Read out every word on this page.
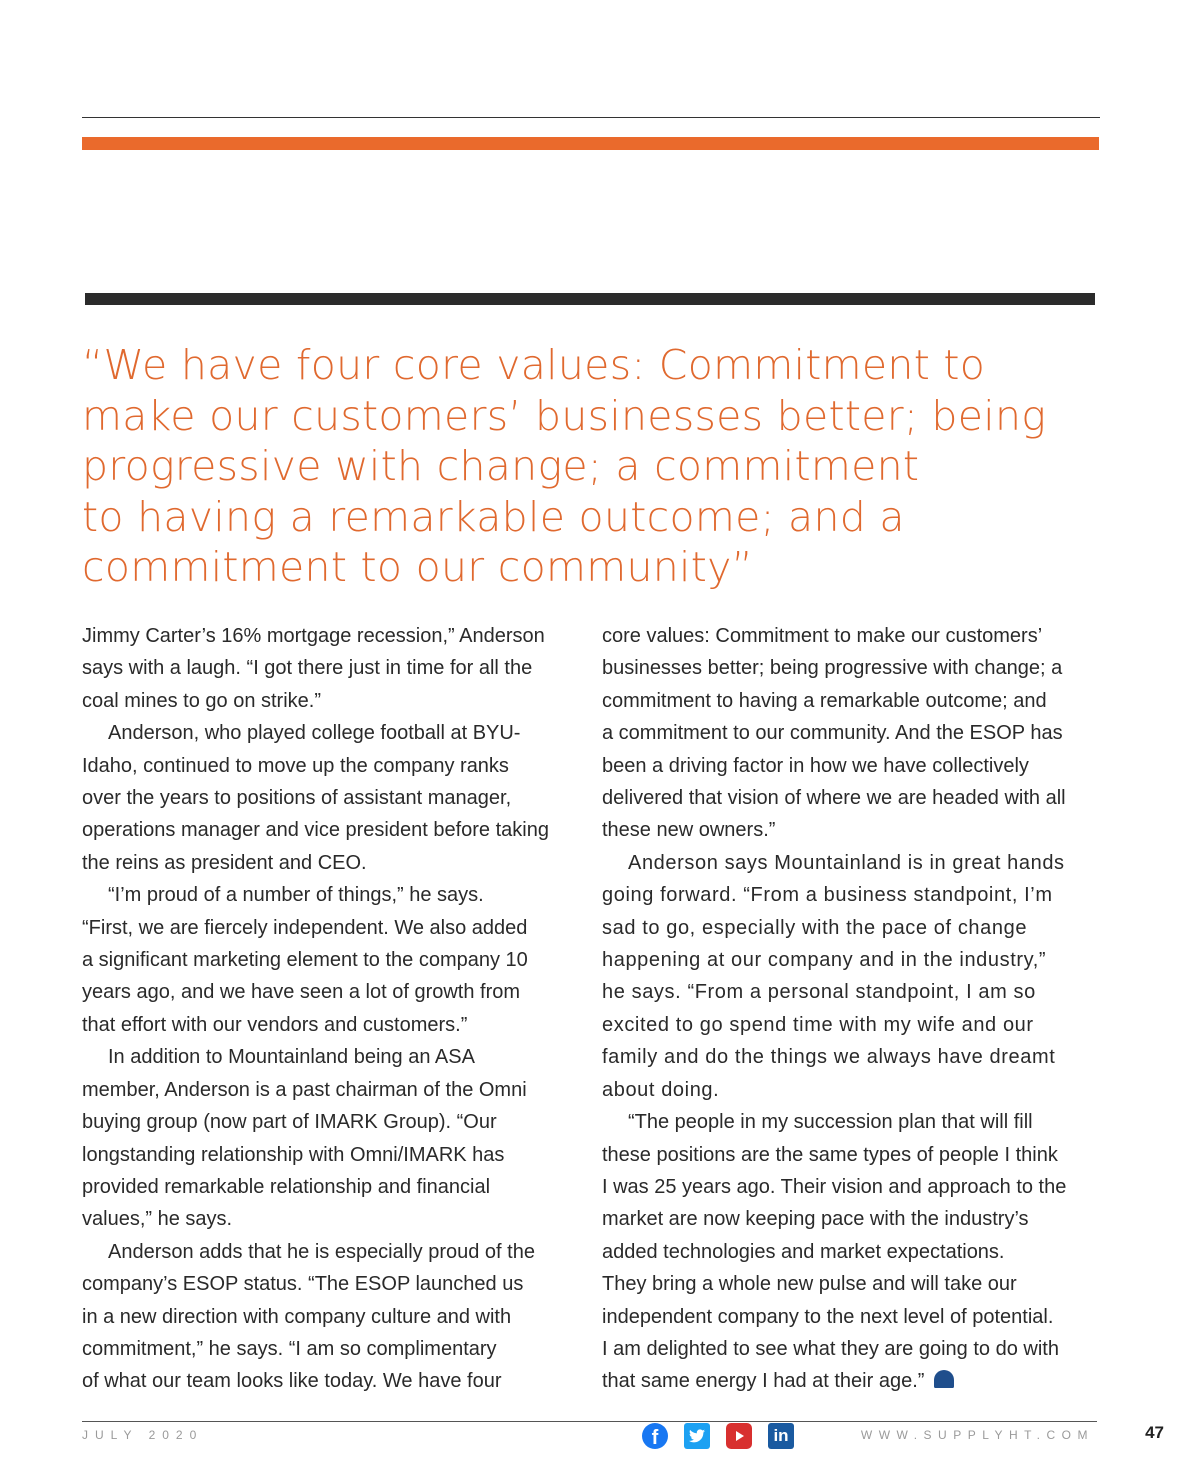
“We have four core values: Commitment to
make our customers’ businesses better; being
progressive with change; a commitment
to having a remarkable outcome; and a
commitment to our community”
Jimmy Carter’s 16% mortgage recession,” Anderson
says with a laugh. “I got there just in time for all the
coal mines to go on strike.”
Anderson, who played college football at BYU-
Idaho, continued to move up the company ranks
over the years to positions of assistant manager,
operations manager and vice president before taking
the reins as president and CEO.
“I’m proud of a number of things,” he says.
“First, we are fiercely independent. We also added
a significant marketing element to the company 10
years ago, and we have seen a lot of growth from
that effort with our vendors and customers.”
In addition to Mountainland being an ASA
member, Anderson is a past chairman of the Omni
buying group (now part of IMARK Group). “Our
longstanding relationship with Omni/IMARK has
provided remarkable relationship and financial
values,” he says.
Anderson adds that he is especially proud of the
company’s ESOP status. “The ESOP launched us
in a new direction with company culture and with
commitment,” he says. “I am so complimentary
of what our team looks like today. We have four
core values: Commitment to make our customers’
businesses better; being progressive with change; a
commitment to having a remarkable outcome; and
a commitment to our community. And the ESOP has
been a driving factor in how we have collectively
delivered that vision of where we are headed with all
these new owners.”
Anderson says Mountainland is in great hands
going forward. “From a business standpoint, I’m
sad to go, especially with the pace of change
happening at our company and in the industry,”
he says. “From a personal standpoint, I am so
excited to go spend time with my wife and our
family and do the things we always have dreamt
about doing.
“The people in my succession plan that will fill
these positions are the same types of people I think
I was 25 years ago. Their vision and approach to the
market are now keeping pace with the industry’s
added technologies and market expectations.
They bring a whole new pulse and will take our
independent company to the next level of potential.
I am delighted to see what they are going to do with
that same energy I had at their age.”
JULY 2020	f	in	WWW.SUPPLYHT.COM	47
